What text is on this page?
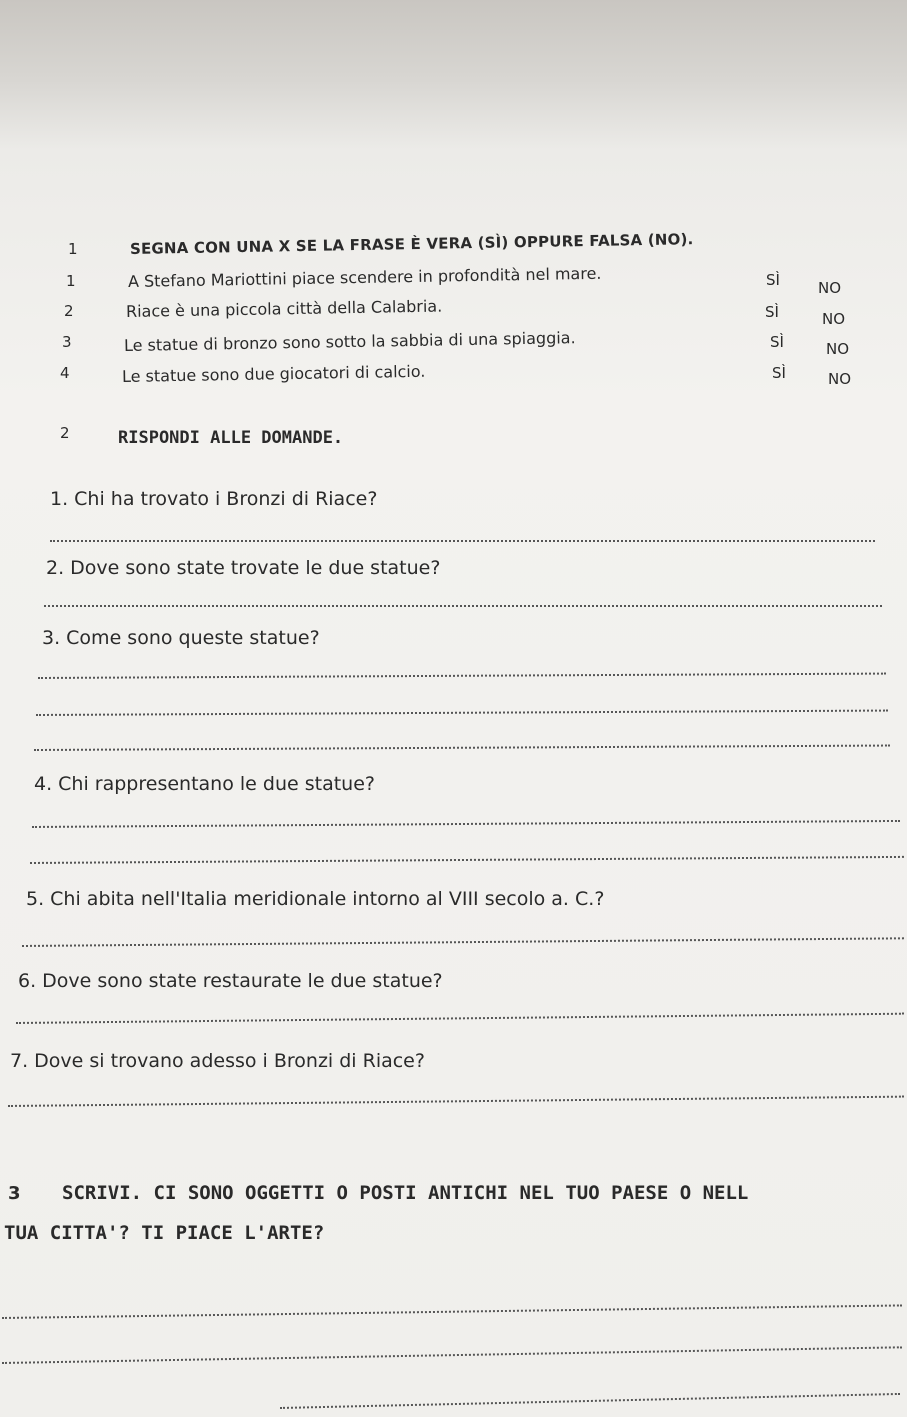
1	SEGNA CON UNA X SE LA FRASE È VERA (SÌ) OPPURE FALSA (NO).
1	A Stefano Mariottini piace scendere in profondità nel mare.	SÌ	NO
2	Riace è una piccola città della Calabria.	SÌ	NO
3	Le statue di bronzo sono sotto la sabbia di una spiaggia.	SÌ	NO
4	Le statue sono due giocatori di calcio.	SÌ	NO
2	RISPONDI ALLE DOMANDE.
1. Chi ha trovato i Bronzi di Riace?
2. Dove sono state trovate le due statue?
3. Come sono queste statue?
4. Chi rappresentano le due statue?
5. Chi abita nell'Italia meridionale intorno al VIII secolo a. C.?
6. Dove sono state restaurate le due statue?
7. Dove si trovano adesso i Bronzi di Riace?
3 SCRIVI. CI SONO OGGETTI O POSTI ANTICHI NEL TUO PAESE O NELL
TUA CITTA'? TI PIACE L'ARTE?
